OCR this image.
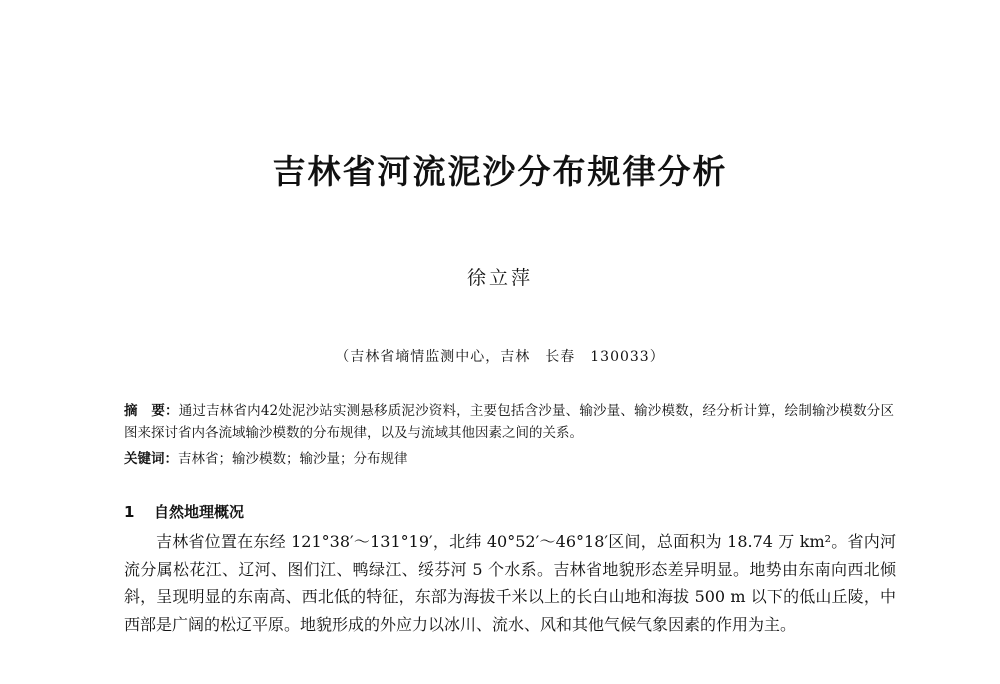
吉林省河流泥沙分布规律分析
徐立萍
（吉林省墒情监测中心，吉林　长春　130033）
摘　要：通过吉林省内42处泥沙站实测悬移质泥沙资料，主要包括含沙量、输沙量、输沙模数，经分析计算，绘制输沙模数分区图来探讨省内各流域输沙模数的分布规律，以及与流域其他因素之间的关系。
关键词：吉林省；输沙模数；输沙量；分布规律
1 自然地理概况

吉林省位置在东经 121°38′～131°19′，北纬 40°52′～46°18′区间，总面积为 18.74 万 km²。省内河流分属松花江、辽河、图们江、鸭绿江、绥芬河 5 个水系。吉林省地貌形态差异明显。地势由东南向西北倾斜，呈现明显的东南高、西北低的特征，东部为海拔千米以上的长白山地和海拔 500 m 以下的低山丘陵，中西部是广阔的松辽平原。地貌形成的外应力以冰川、流水、风和其他气候气象因素的作用为主。
